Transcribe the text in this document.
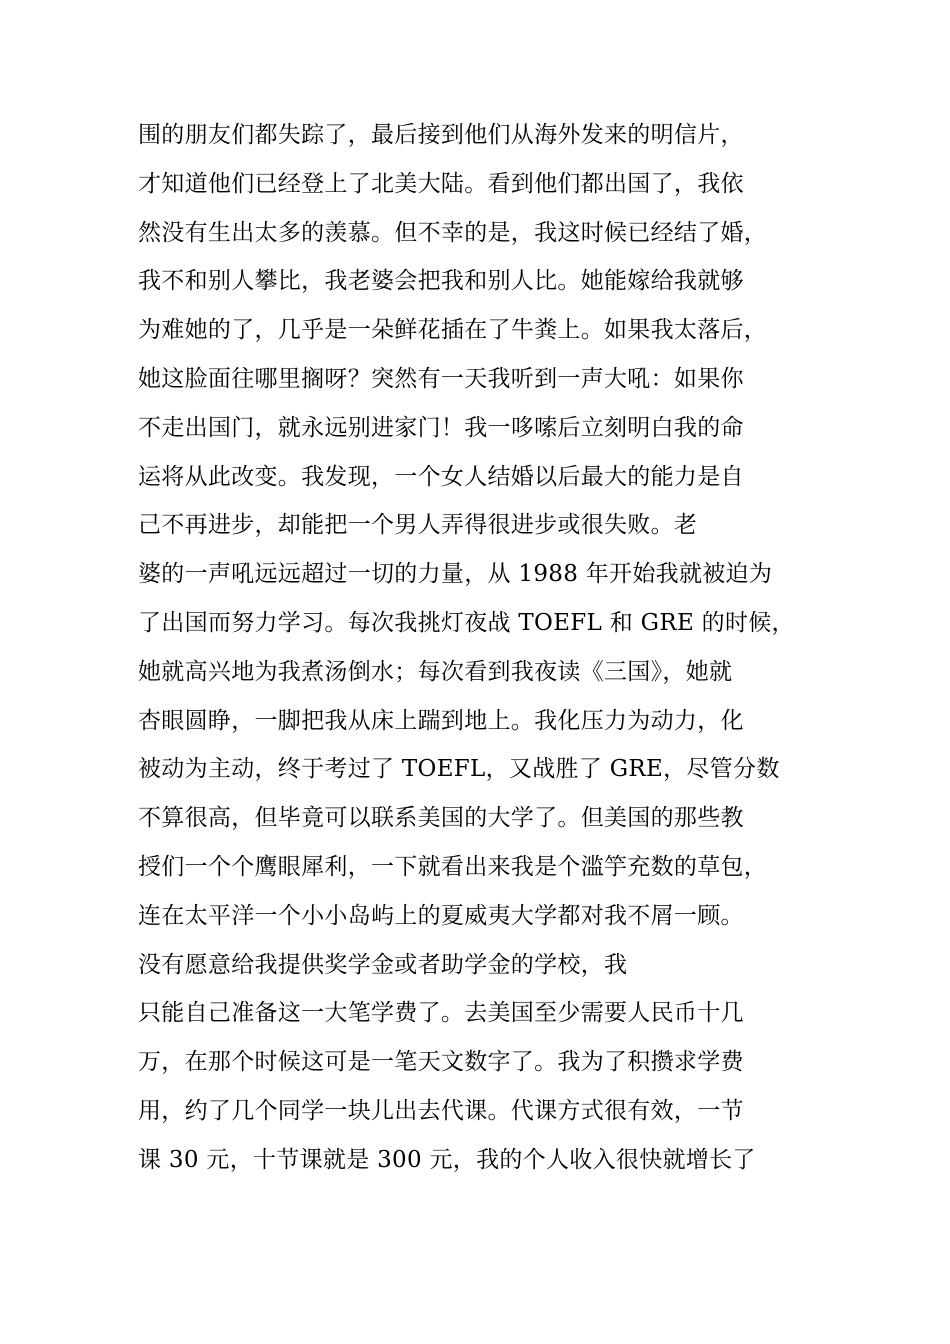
围的朋友们都失踪了，最后接到他们从海外发来的明信片，
才知道他们已经登上了北美大陆。看到他们都出国了，我依
然没有生出太多的羡慕。但不幸的是，我这时候已经结了婚，
我不和别人攀比，我老婆会把我和别人比。她能嫁给我就够
为难她的了，几乎是一朵鲜花插在了牛粪上。如果我太落后，
她这脸面往哪里搁呀？突然有一天我听到一声大吼：如果你
不走出国门，就永远别进家门！我一哆嗦后立刻明白我的命
运将从此改变。我发现，一个女人结婚以后最大的能力是自
己不再进步，却能把一个男人弄得很进步或很失败。老
婆的一声吼远远超过一切的力量，从 1988 年开始我就被迫为
了出国而努力学习。每次我挑灯夜战 TOEFL 和 GRE 的时候，
她就高兴地为我煮汤倒水；每次看到我夜读《三国》，她就
杏眼圆睁，一脚把我从床上踹到地上。我化压力为动力，化
被动为主动，终于考过了 TOEFL，又战胜了 GRE，尽管分数
不算很高，但毕竟可以联系美国的大学了。但美国的那些教
授们一个个鹰眼犀利，一下就看出来我是个滥竽充数的草包，
连在太平洋一个小小岛屿上的夏威夷大学都对我不屑一顾。
没有愿意给我提供奖学金或者助学金的学校，我
只能自己准备这一大笔学费了。去美国至少需要人民币十几
万，在那个时候这可是一笔天文数字了。我为了积攒求学费
用，约了几个同学一块儿出去代课。代课方式很有效，一节
课 30 元，十节课就是 300 元，我的个人收入很快就增长了
